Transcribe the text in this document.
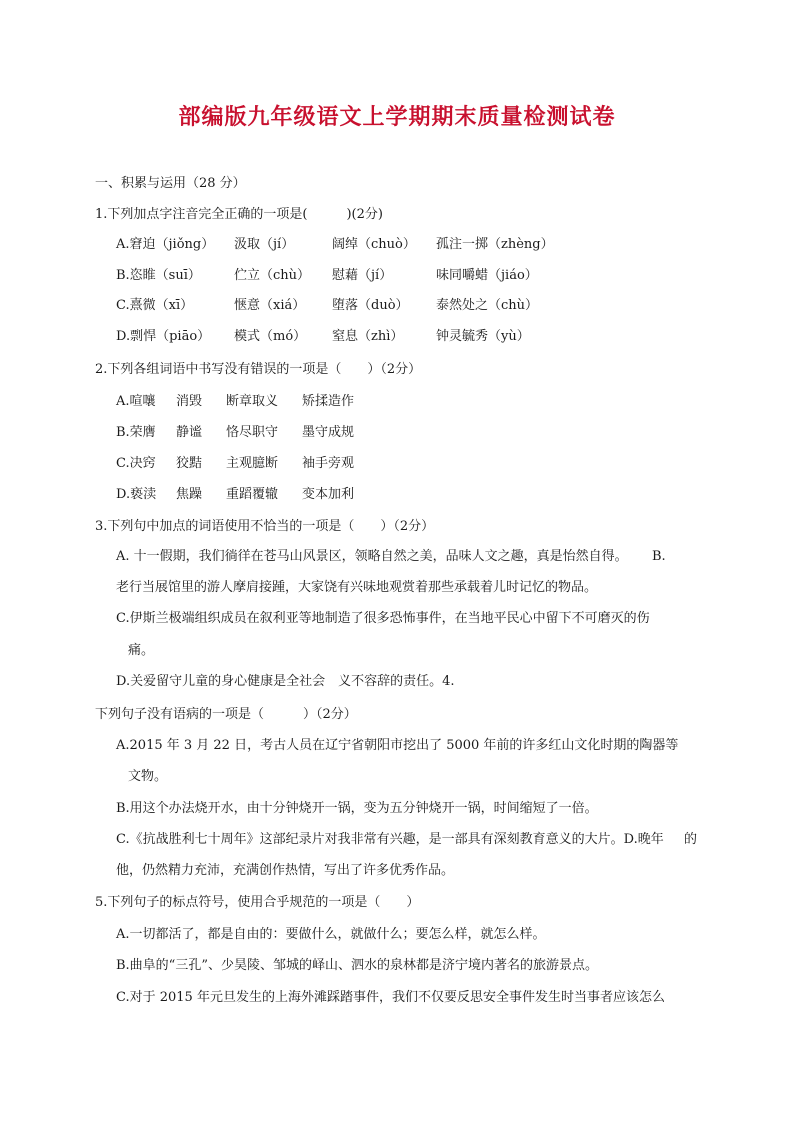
部编版九年级语文上学期期末质量检测试卷
一、积累与运用（28 分）
1.下列加点字注音完全正确的一项是(　　　)(2分)
A.窘迫（jiǒng） 汲取（jí）	阔绰（chuò） 孤注一掷（zhèng）
B.恣睢（suī）	伫立（chù） 慰藉（jí）	味同嚼蜡（jiáo）
C.熹微（xī）	惬意（xiá） 堕落（duò） 泰然处之（chù）
D.剽悍（piāo） 模式（mó） 窒息（zhì）	钟灵毓秀（yù）
2.下列各组词语中书写没有错误的一项是（　　）（2分）
A.喧嚷 消毁 断章取义 矫揉造作
B.荣膺 静谧 恪尽职守 墨守成规
C.决窍 狡黠 主观臆断 袖手旁观
D.亵渎 焦躁 重蹈覆辙 变本加利
3.下列句中加点的词语使用不恰当的一项是（　　）（2分）
A. 十一假期，我们徜徉在苍马山风景区，领略自然之美，品味人文之趣，真是怡然自得。 B.
老行当展馆里的游人摩肩接踵，大家饶有兴味地观赏着那些承载着儿时记忆的物品。
C.伊斯兰极端组织成员在叙利亚等地制造了很多恐怖事件，在当地平民心中留下不可磨灭的伤
痛。
D.关爱留守儿童的身心健康是全社会　义不容辞的责任。4.
下列句子没有语病的一项是（　　　）（2分）
A.2015 年 3 月 22 日，考古人员在辽宁省朝阳市挖出了 5000 年前的许多红山文化时期的陶器等
文物。
B.用这个办法烧开水，由十分钟烧开一锅，变为五分钟烧开一锅，时间缩短了一倍。
C.《抗战胜利七十周年》这部纪录片对我非常有兴趣，是一部具有深刻教育意义的大片。D.晚年 的
他，仍然精力充沛，充满创作热情，写出了许多优秀作品。
5.下列句子的标点符号，使用合乎规范的一项是（　　）
A.一切都活了，都是自由的：要做什么，就做什么；要怎么样，就怎么样。
B.曲阜的“三孔”、少昊陵、邹城的峄山、泗水的泉林都是济宁境内著名的旅游景点。
C.对于 2015 年元旦发生的上海外滩踩踏事件，我们不仅要反思安全事件发生时当事者应该怎么
